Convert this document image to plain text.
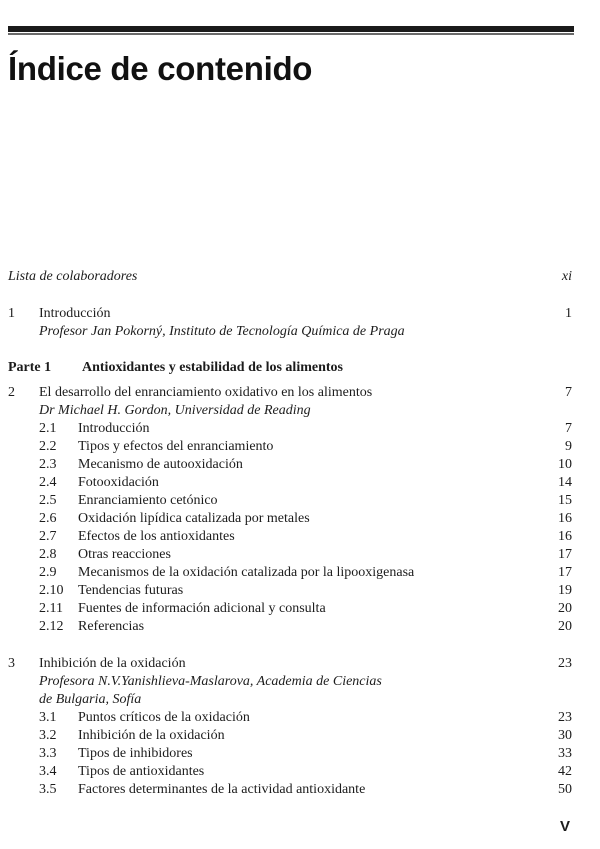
Índice de contenido
Lista de colaboradores	xi
1 Introducción	1
Profesor Jan Pokorný, Instituto de Tecnología Química de Praga
Parte 1 Antioxidantes y estabilidad de los alimentos
2 El desarrollo del enranciamiento oxidativo en los alimentos	7
Dr Michael H. Gordon, Universidad de Reading
2.1 Introducción	7
2.2 Tipos y efectos del enranciamiento	9
2.3 Mecanismo de autooxidación	10
2.4 Fotooxidación	14
2.5 Enranciamiento cetónico	15
2.6 Oxidación lipídica catalizada por metales	16
2.7 Efectos de los antioxidantes	16
2.8 Otras reacciones	17
2.9 Mecanismos de la oxidación catalizada por la lipooxigenasa	17
2.10 Tendencias futuras	19
2.11 Fuentes de información adicional y consulta	20
2.12 Referencias	20
3 Inhibición de la oxidación	23
Profesora N.V.Yanishlieva-Maslarova, Academia de Ciencias
de Bulgaria, Sofía
3.1 Puntos críticos de la oxidación	23
3.2 Inhibición de la oxidación	30
3.3 Tipos de inhibidores	33
3.4 Tipos de antioxidantes	42
3.5 Factores determinantes de la actividad antioxidante	50
V
